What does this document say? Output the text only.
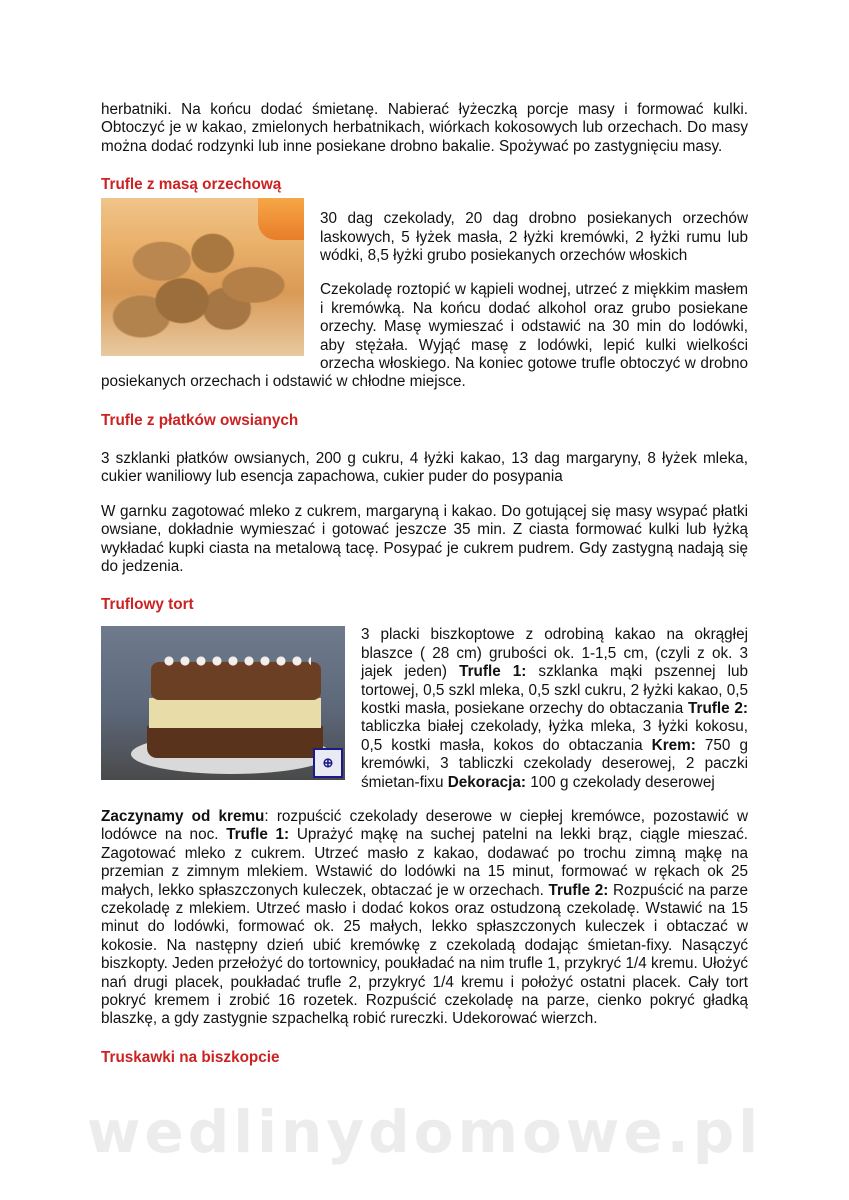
herbatniki. Na końcu dodać śmietanę. Nabierać łyżeczką porcje masy i formować kulki. Obtoczyć je w kakao, zmielonych herbatnikach, wiórkach kokosowych lub orzechach. Do masy można dodać rodzynki lub inne posiekane drobno bakalie. Spożywać po zastygnięciu masy.

Trufle z masą orzechową

30 dag czekolady, 20 dag drobno posiekanych orzechów laskowych, 5 łyżek masła, 2 łyżki kremówki, 2 łyżki rumu lub wódki, 8,5 łyżki grubo posiekanych orzechów włoskich

Czekoladę roztopić w kąpieli wodnej, utrzeć z miękkim masłem i kremówką. Na końcu dodać alkohol oraz grubo posiekane orzechy. Masę wymieszać i odstawić na 30 min do lodówki, aby stężała. Wyjąć masę z lodówki, lepić kulki wielkości orzecha włoskiego. Na koniec gotowe trufle obtoczyć w drobno posiekanych orzechach i odstawić w chłodne miejsce.

Trufle z płatków owsianych

3 szklanki płatków owsianych, 200 g cukru, 4 łyżki kakao, 13 dag margaryny, 8 łyżek mleka, cukier waniliowy lub esencja zapachowa, cukier puder do posypania

W garnku zagotować mleko z cukrem, margaryną i kakao. Do gotującej się masy wsypać płatki owsiane, dokładnie wymieszać i gotować jeszcze 35 min. Z ciasta formować kulki lub łyżką wykładać kupki ciasta na metalową tacę. Posypać je cukrem pudrem. Gdy zastygną nadają się do jedzenia.

Truflowy tort
⊕

3 placki biszkoptowe z odrobiną kakao na okrągłej blaszce ( 28 cm) grubości ok. 1-1,5 cm, (czyli z ok. 3 jajek jeden) Trufle 1: szklanka mąki pszennej lub tortowej, 0,5 szkl mleka, 0,5 szkl cukru, 2 łyżki kakao, 0,5 kostki masła, posiekane orzechy do obtaczania Trufle 2: tabliczka białej czekolady, łyżka mleka, 3 łyżki kokosu, 0,5 kostki masła, kokos do obtaczania Krem: 750 g kremówki, 3 tabliczki czekolady deserowej, 2 paczki śmietan-fixu Dekoracja: 100 g czekolady deserowej

Zaczynamy od kremu: rozpuścić czekolady deserowe w ciepłej kremówce, pozostawić w lodówce na noc. Trufle 1: Uprażyć mąkę na suchej patelni na lekki brąz, ciągle mieszać. Zagotować mleko z cukrem. Utrzeć masło z kakao, dodawać po trochu zimną mąkę na przemian z zimnym mlekiem. Wstawić do lodówki na 15 minut, formować w rękach ok 25 małych, lekko spłaszczonych kuleczek, obtaczać je w orzechach. Trufle 2: Rozpuścić na parze czekoladę z mlekiem. Utrzeć masło i dodać kokos oraz ostudzoną czekoladę. Wstawić na 15 minut do lodówki, formować ok. 25 małych, lekko spłaszczonych kuleczek i obtaczać w kokosie. Na następny dzień ubić kremówkę z czekoladą dodając śmietan-fixy. Nasączyć biszkopty. Jeden przełożyć do tortownicy, poukładać na nim trufle 1, przykryć 1/4 kremu. Ułożyć nań drugi placek, poukładać trufle 2, przykryć 1/4 kremu i położyć ostatni placek. Cały tort pokryć kremem i zrobić 16 rozetek. Rozpuścić czekoladę na parze, cienko pokryć gładką blaszkę, a gdy zastygnie szpachelką robić rureczki. Udekorować wierzch.

Truskawki na biszkopcie
wedlinydomowe.pl
